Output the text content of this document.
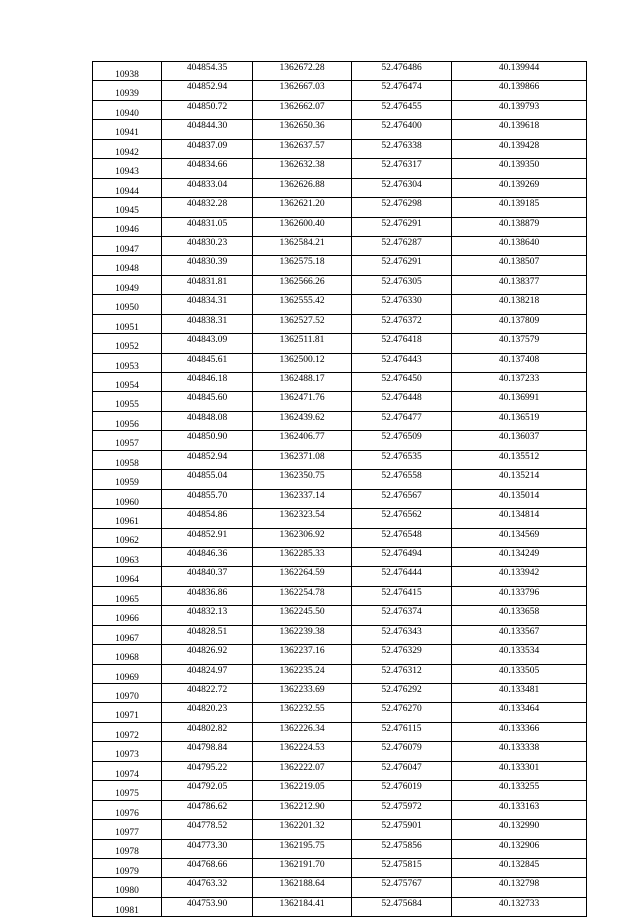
10938	404854.35	1362672.28	52.476486	40.139944
10939	404852.94	1362667.03	52.476474	40.139866
10940	404850.72	1362662.07	52.476455	40.139793
10941	404844.30	1362650.36	52.476400	40.139618
10942	404837.09	1362637.57	52.476338	40.139428
10943	404834.66	1362632.38	52.476317	40.139350
10944	404833.04	1362626.88	52.476304	40.139269
10945	404832.28	1362621.20	52.476298	40.139185
10946	404831.05	1362600.40	52.476291	40.138879
10947	404830.23	1362584.21	52.476287	40.138640
10948	404830.39	1362575.18	52.476291	40.138507
10949	404831.81	1362566.26	52.476305	40.138377
10950	404834.31	1362555.42	52.476330	40.138218
10951	404838.31	1362527.52	52.476372	40.137809
10952	404843.09	1362511.81	52.476418	40.137579
10953	404845.61	1362500.12	52.476443	40.137408
10954	404846.18	1362488.17	52.476450	40.137233
10955	404845.60	1362471.76	52.476448	40.136991
10956	404848.08	1362439.62	52.476477	40.136519
10957	404850.90	1362406.77	52.476509	40.136037
10958	404852.94	1362371.08	52.476535	40.135512
10959	404855.04	1362350.75	52.476558	40.135214
10960	404855.70	1362337.14	52.476567	40.135014
10961	404854.86	1362323.54	52.476562	40.134814
10962	404852.91	1362306.92	52.476548	40.134569
10963	404846.36	1362285.33	52.476494	40.134249
10964	404840.37	1362264.59	52.476444	40.133942
10965	404836.86	1362254.78	52.476415	40.133796
10966	404832.13	1362245.50	52.476374	40.133658
10967	404828.51	1362239.38	52.476343	40.133567
10968	404826.92	1362237.16	52.476329	40.133534
10969	404824.97	1362235.24	52.476312	40.133505
10970	404822.72	1362233.69	52.476292	40.133481
10971	404820.23	1362232.55	52.476270	40.133464
10972	404802.82	1362226.34	52.476115	40.133366
10973	404798.84	1362224.53	52.476079	40.133338
10974	404795.22	1362222.07	52.476047	40.133301
10975	404792.05	1362219.05	52.476019	40.133255
10976	404786.62	1362212.90	52.475972	40.133163
10977	404778.52	1362201.32	52.475901	40.132990
10978	404773.30	1362195.75	52.475856	40.132906
10979	404768.66	1362191.70	52.475815	40.132845
10980	404763.32	1362188.64	52.475767	40.132798
10981	404753.90	1362184.41	52.475684	40.132733
